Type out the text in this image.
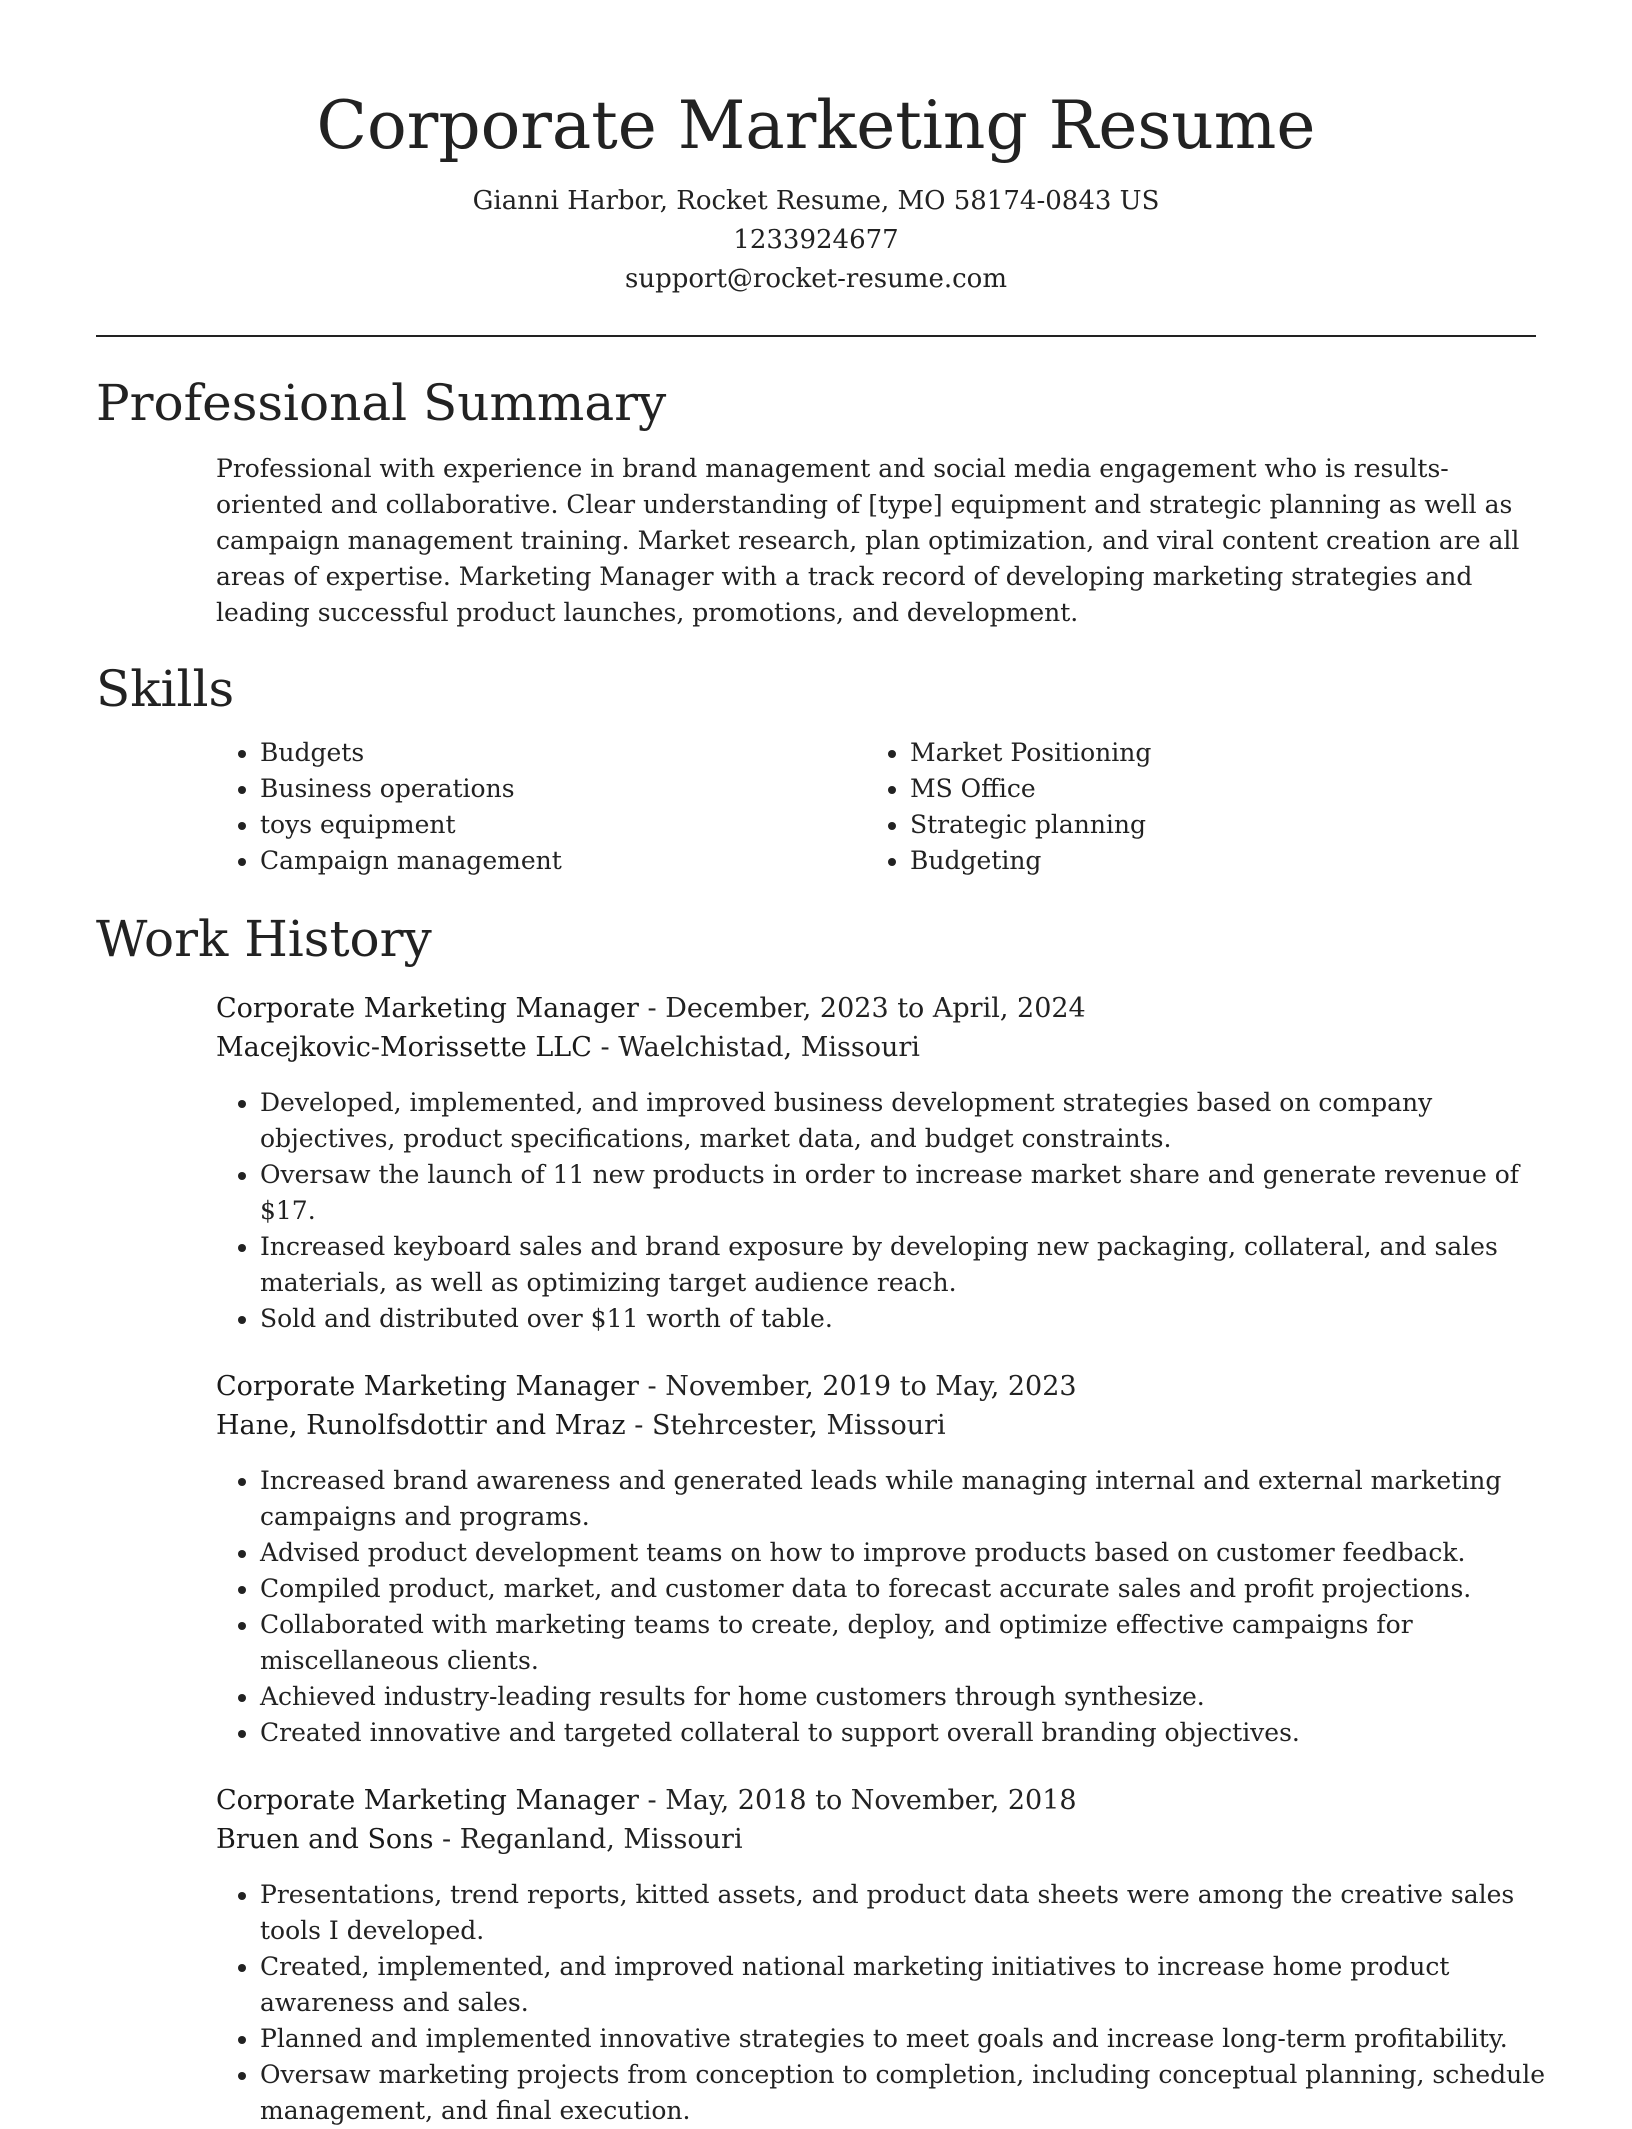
Corporate Marketing Resume
Gianni Harbor, Rocket Resume, MO 58174-0843 US
1233924677
support@rocket-resume.com
Professional Summary

Professional with experience in brand management and social media engagement who is results-oriented and collaborative. Clear understanding of [type] equipment and strategic planning as well as campaign management training. Market research, plan optimization, and viral content creation are all areas of expertise. Marketing Manager with a track record of developing marketing strategies and leading successful product launches, promotions, and development.

Skills
• Budgets
• Business operations
• toys equipment
• Campaign management
• Market Positioning
• MS Office
• Strategic planning
• Budgeting
Work History
Corporate Marketing Manager - December, 2023 to April, 2024
Macejkovic-Morissette LLC - Waelchistad, Missouri
• Developed, implemented, and improved business development strategies based on company objectives, product specifications, market data, and budget constraints.
• Oversaw the launch of 11 new products in order to increase market share and generate revenue of $17.
• Increased keyboard sales and brand exposure by developing new packaging, collateral, and sales materials, as well as optimizing target audience reach.
• Sold and distributed over $11 worth of table.
Corporate Marketing Manager - November, 2019 to May, 2023
Hane, Runolfsdottir and Mraz - Stehrcester, Missouri
• Increased brand awareness and generated leads while managing internal and external marketing campaigns and programs.
• Advised product development teams on how to improve products based on customer feedback.
• Compiled product, market, and customer data to forecast accurate sales and profit projections.
• Collaborated with marketing teams to create, deploy, and optimize effective campaigns for miscellaneous clients.
• Achieved industry-leading results for home customers through synthesize.
• Created innovative and targeted collateral to support overall branding objectives.
Corporate Marketing Manager - May, 2018 to November, 2018
Bruen and Sons - Reganland, Missouri
• Presentations, trend reports, kitted assets, and product data sheets were among the creative sales tools I developed.
• Created, implemented, and improved national marketing initiatives to increase home product awareness and sales.
• Planned and implemented innovative strategies to meet goals and increase long-term profitability.
• Oversaw marketing projects from conception to completion, including conceptual planning, schedule management, and final execution.
